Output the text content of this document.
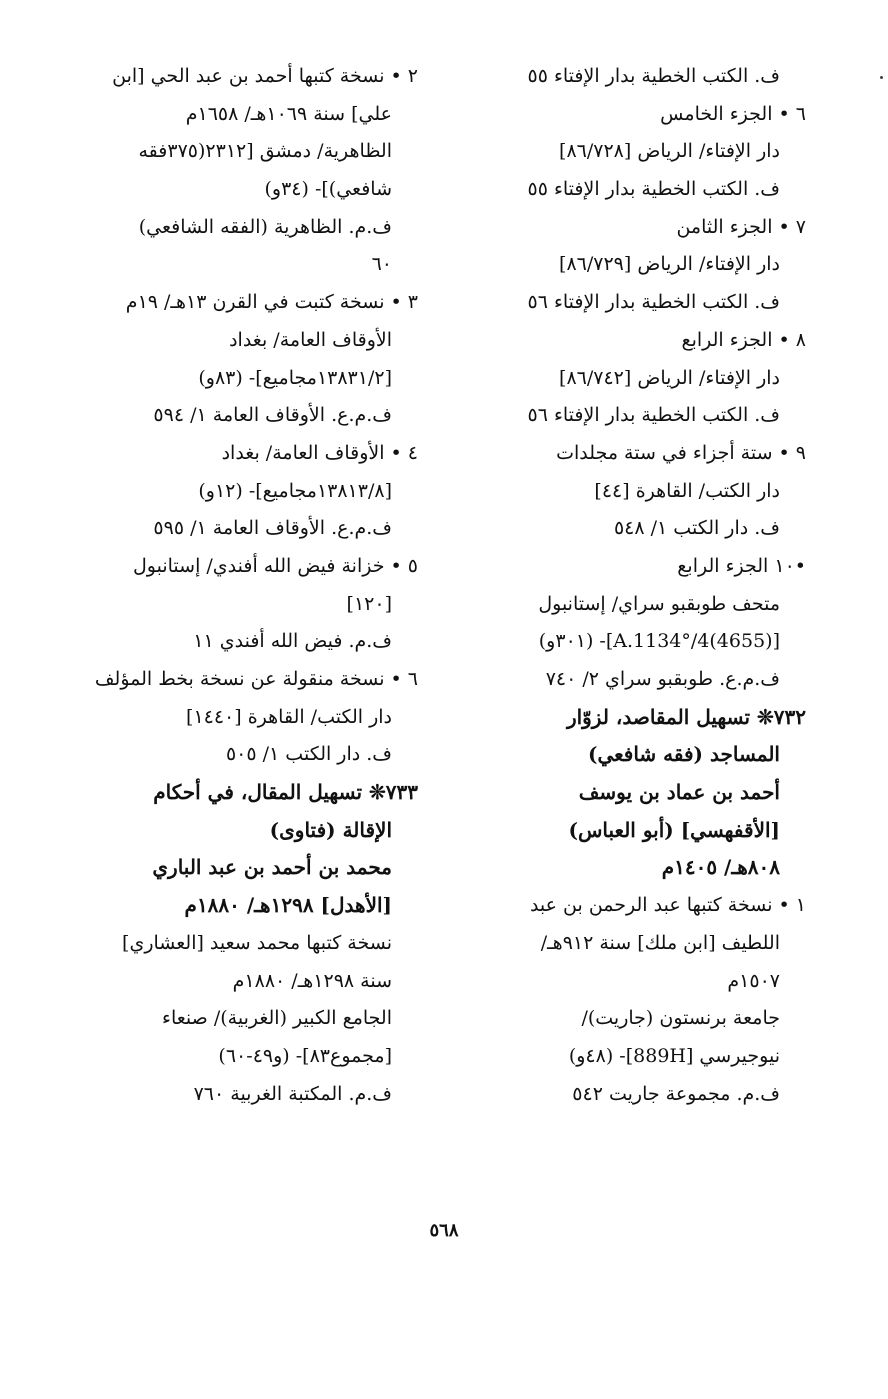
ف. الكتب الخطية بدار الإفتاء ٥٥
٦ • الجزء الخامس
دار الإفتاء/ الرياض [٨٦/٧٢٨]
ف. الكتب الخطية بدار الإفتاء ٥٥
٧ • الجزء الثامن
دار الإفتاء/ الرياض [٨٦/٧٢٩]
ف. الكتب الخطية بدار الإفتاء ٥٦
٨ • الجزء الرابع
دار الإفتاء/ الرياض [٨٦/٧٤٢]
ف. الكتب الخطية بدار الإفتاء ٥٦
٩ • ستة أجزاء في ستة مجلدات
دار الكتب/ القاهرة [٤٤]
ف. دار الكتب ١/ ٥٤٨
•١٠ الجزء الرابع
متحف طوبقبو سراي/ إستانبول
[A.1134°/4(4655)]- (٣٠١و)
ف.م.ع. طوبقبو سراي ٢/ ٧٤٠
٧٣٢❊ تسهيل المقاصد، لزوّار
المساجد (فقه شافعي)
أحمد بن عماد بن يوسف
[الأقفهسي] (أبو العباس)
٨٠٨هـ/ ١٤٠٥م
١ • نسخة كتبها عبد الرحمن بن عبد
اللطيف [ابن ملك] سنة ٩١٢هـ/
١٥٠٧م
جامعة برنستون (جاريت)/
نيوجيرسي [889H]- (٤٨و)
ف.م. مجموعة جاريت ٥٤٢
٢ • نسخة كتبها أحمد بن عبد الحي [ابن
علي] سنة ١٠٦٩هـ/ ١٦٥٨م
الظاهرية/ دمشق [٢٣١٢(٣٧٥فقه
شافعي)]- (٣٤و)
ف.م. الظاهرية (الفقه الشافعي)
٦٠
٣ • نسخة كتبت في القرن ١٣هـ/ ١٩م
الأوقاف العامة/ بغداد
[١٣٨٣١/٢مجاميع]- (٨٣و)
ف.م.ع. الأوقاف العامة ١/ ٥٩٤
٤ • الأوقاف العامة/ بغداد
[١٣٨١٣/٨مجاميع]- (١٢و)
ف.م.ع. الأوقاف العامة ١/ ٥٩٥
٥ • خزانة فيض الله أفندي/ إستانبول
[١٢٠]
ف.م. فيض الله أفندي ١١
٦ • نسخة منقولة عن نسخة بخط المؤلف
دار الكتب/ القاهرة [١٤٤٠]
ف. دار الكتب ١/ ٥٠٥
٧٣٣❊ تسهيل المقال، في أحكام
الإقالة (فتاوى)
محمد بن أحمد بن عبد الباري
[الأهدل] ١٢٩٨هـ/ ١٨٨٠م
نسخة كتبها محمد سعيد [العشاري]
سنة ١٢٩٨هـ/ ١٨٨٠م
الجامع الكبير (الغربية)/ صنعاء
[مجموع٨٣]- (و٤٩-٦٠)
ف.م. المكتبة الغربية ٧٦٠
٥٦٨
